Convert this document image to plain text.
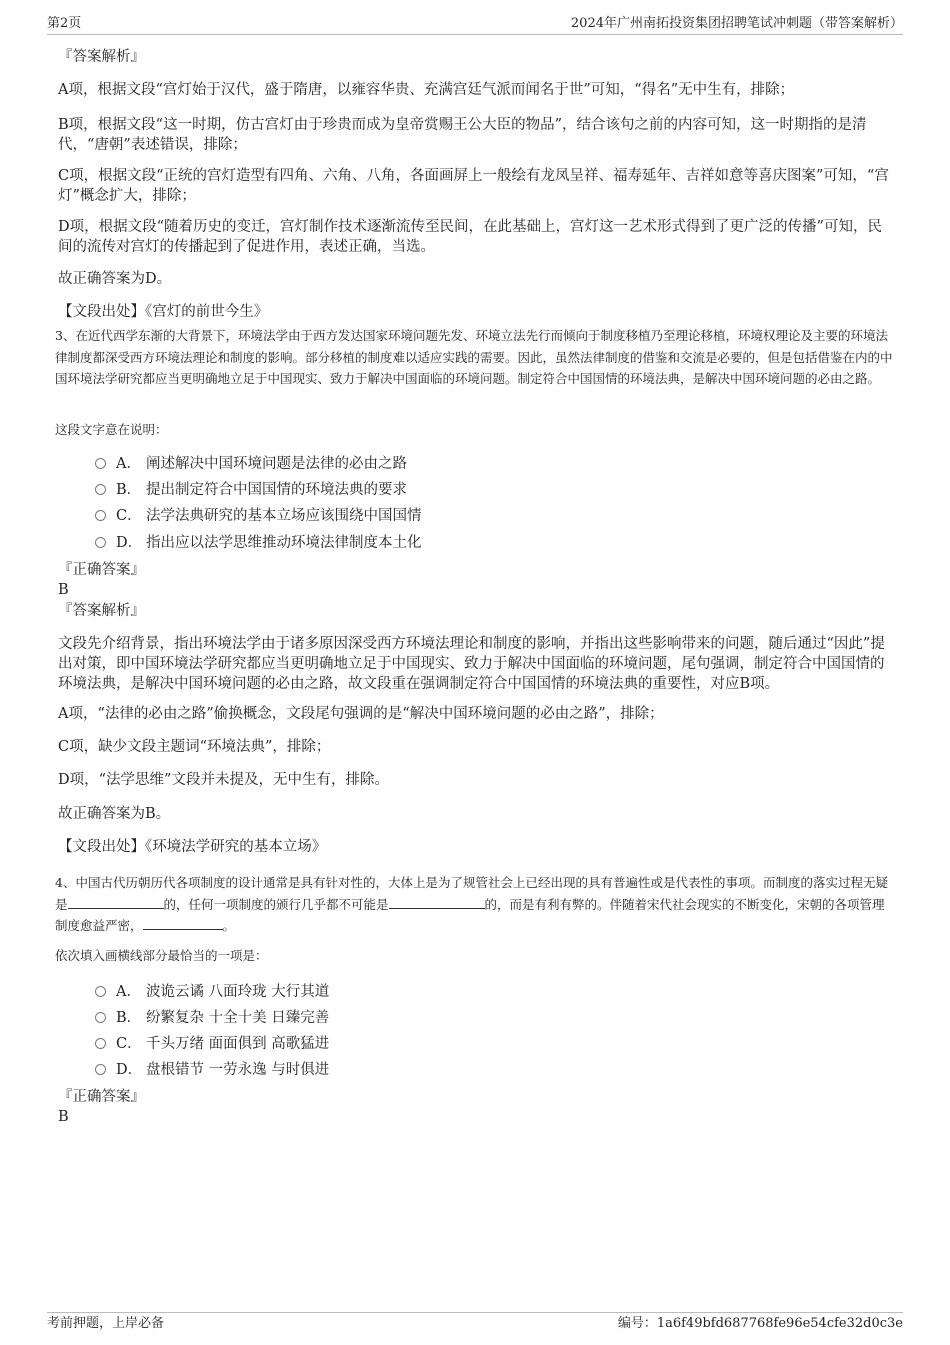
第2页	2024年广州南拓投资集团招聘笔试冲刺题（带答案解析）
『答案解析』
A项，根据文段“宫灯始于汉代，盛于隋唐，以雍容华贵、充满宫廷气派而闻名于世”可知，“得名”无中生有，排除；
B项，根据文段“这一时期，仿古宫灯由于珍贵而成为皇帝赏赐王公大臣的物品”，结合该句之前的内容可知，这一时期指的是清代，“唐朝”表述错误，排除；
C项，根据文段“正统的宫灯造型有四角、六角、八角，各面画屏上一般绘有龙凤呈祥、福寿延年、吉祥如意等喜庆图案”可知，“宫灯”概念扩大，排除；
D项，根据文段“随着历史的变迁，宫灯制作技术逐渐流传至民间，在此基础上，宫灯这一艺术形式得到了更广泛的传播”可知，民间的流传对宫灯的传播起到了促进作用，表述正确，当选。
故正确答案为D。
【文段出处】《宫灯的前世今生》
3、在近代西学东渐的大背景下，环境法学由于西方发达国家环境问题先发、环境立法先行而倾向于制度移植乃至理论移植，环境权理论及主要的环境法律制度都深受西方环境法理论和制度的影响。部分移植的制度难以适应实践的需要。因此，虽然法律制度的借鉴和交流是必要的，但是包括借鉴在内的中国环境法学研究都应当更明确地立足于中国现实、致力于解决中国面临的环境问题。制定符合中国国情的环境法典，是解决中国环境问题的必由之路。
这段文字意在说明：
A． 阐述解决中国环境问题是法律的必由之路
B． 提出制定符合中国国情的环境法典的要求
C． 法学法典研究的基本立场应该围绕中国国情
D． 指出应以法学思维推动环境法律制度本土化
『正确答案』
B
『答案解析』
文段先介绍背景，指出环境法学由于诸多原因深受西方环境法理论和制度的影响，并指出这些影响带来的问题，随后通过“因此”提出对策，即中国环境法学研究都应当更明确地立足于中国现实、致力于解决中国面临的环境问题，尾句强调，制定符合中国国情的环境法典，是解决中国环境问题的必由之路，故文段重在强调制定符合中国国情的环境法典的重要性，对应B项。
A项，“法律的必由之路”偷换概念，文段尾句强调的是“解决中国环境问题的必由之路”，排除；
C项，缺少文段主题词“环境法典”，排除；
D项，“法学思维”文段并未提及，无中生有，排除。
故正确答案为B。
【文段出处】《环境法学研究的基本立场》
4、中国古代历朝历代各项制度的设计通常是具有针对性的，大体上是为了规管社会上已经出现的具有普遍性或是代表性的事项。而制度的落实过程无疑是	的，任何一项制度的颁行几乎都不可能是	的，而是有利有弊的。伴随着宋代社会现实的不断变化，宋朝的各项管理制度愈益严密，	。
依次填入画横线部分最恰当的一项是：
A． 波诡云谲 八面玲珑 大行其道
B． 纷繁复杂 十全十美 日臻完善
C． 千头万绪 面面俱到 高歌猛进
D． 盘根错节 一劳永逸 与时俱进
『正确答案』
B
考前押题，上岸必备	编号：1a6f49bfd687768fe96e54cfe32d0c3e
